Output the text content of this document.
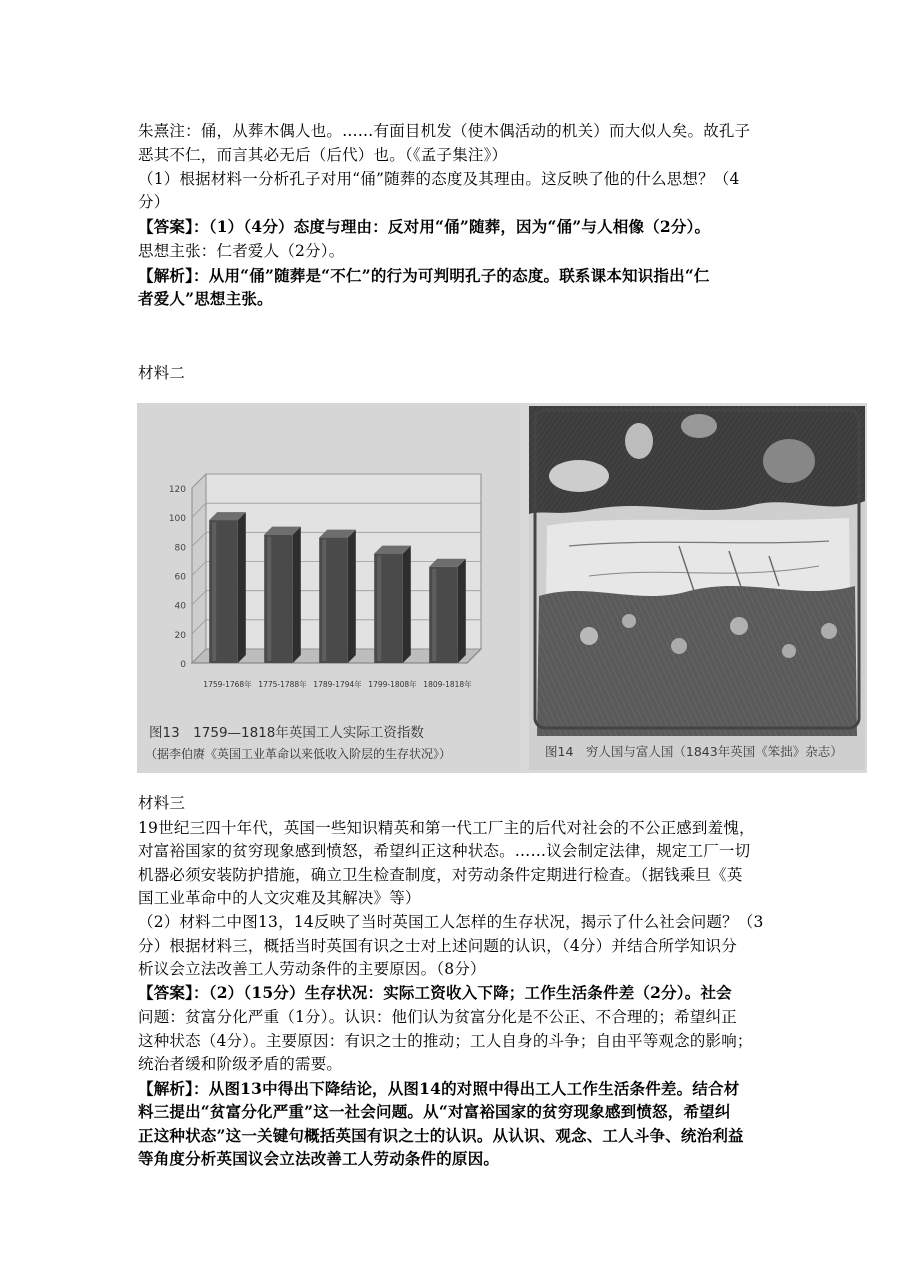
朱熹注：俑，从葬木偶人也。……有面目机发（使木偶活动的机关）而大似人矣。故孔子
恶其不仁，而言其必无后（后代）也。（《孟子集注》）
（1）根据材料一分析孔子对用“俑”随葬的态度及其理由。这反映了他的什么思想？（4
分）
【答案】：（1）（4分）态度与理由：反对用“俑”随葬，因为“俑”与人相像（2分）。
思想主张：仁者爱人（2分）。
【解析】：从用“俑”随葬是“不仁”的行为可判明孔子的态度。联系课本知识指出“仁
者爱人”思想主张。
材料二
0
20
40
60
80
100
120
1759-1768年 1775-1788年 1789-1794年 1799-1808年 1809-1818年
图13　1759—1818年英国工人实际工资指数
（据李伯赓《英国工业革命以来低收入阶层的生存状况》）	图14　穷人国与富人国（1843年英国《笨拙》杂志）
材料三
19世纪三四十年代，英国一些知识精英和第一代工厂主的后代对社会的不公正感到羞愧，
对富裕国家的贫穷现象感到愤怒，希望纠正这种状态。……议会制定法律，规定工厂一切
机器必须安装防护措施，确立卫生检查制度，对劳动条件定期进行检查。（据钱乘旦《英
国工业革命中的人文灾难及其解决》等）
（2）材料二中图13，14反映了当时英国工人怎样的生存状况，揭示了什么社会问题？（3
分）根据材料三，概括当时英国有识之士对上述问题的认识，（4分）并结合所学知识分
析议会立法改善工人劳动条件的主要原因。（8分）
【答案】：（2）（15分）生存状况：实际工资收入下降；工作生活条件差（2分）。社会
问题：贫富分化严重（1分）。认识：他们认为贫富分化是不公正、不合理的；希望纠正
这种状态（4分）。主要原因：有识之士的推动；工人自身的斗争；自由平等观念的影响；
统治者缓和阶级矛盾的需要。
【解析】：从图13中得出下降结论，从图14的对照中得出工人工作生活条件差。结合材
料三提出“贫富分化严重”这一社会问题。从“对富裕国家的贫穷现象感到愤怒，希望纠
正这种状态”这一关键句概括英国有识之士的认识。从认识、观念、工人斗争、统治利益
等角度分析英国议会立法改善工人劳动条件的原因。
